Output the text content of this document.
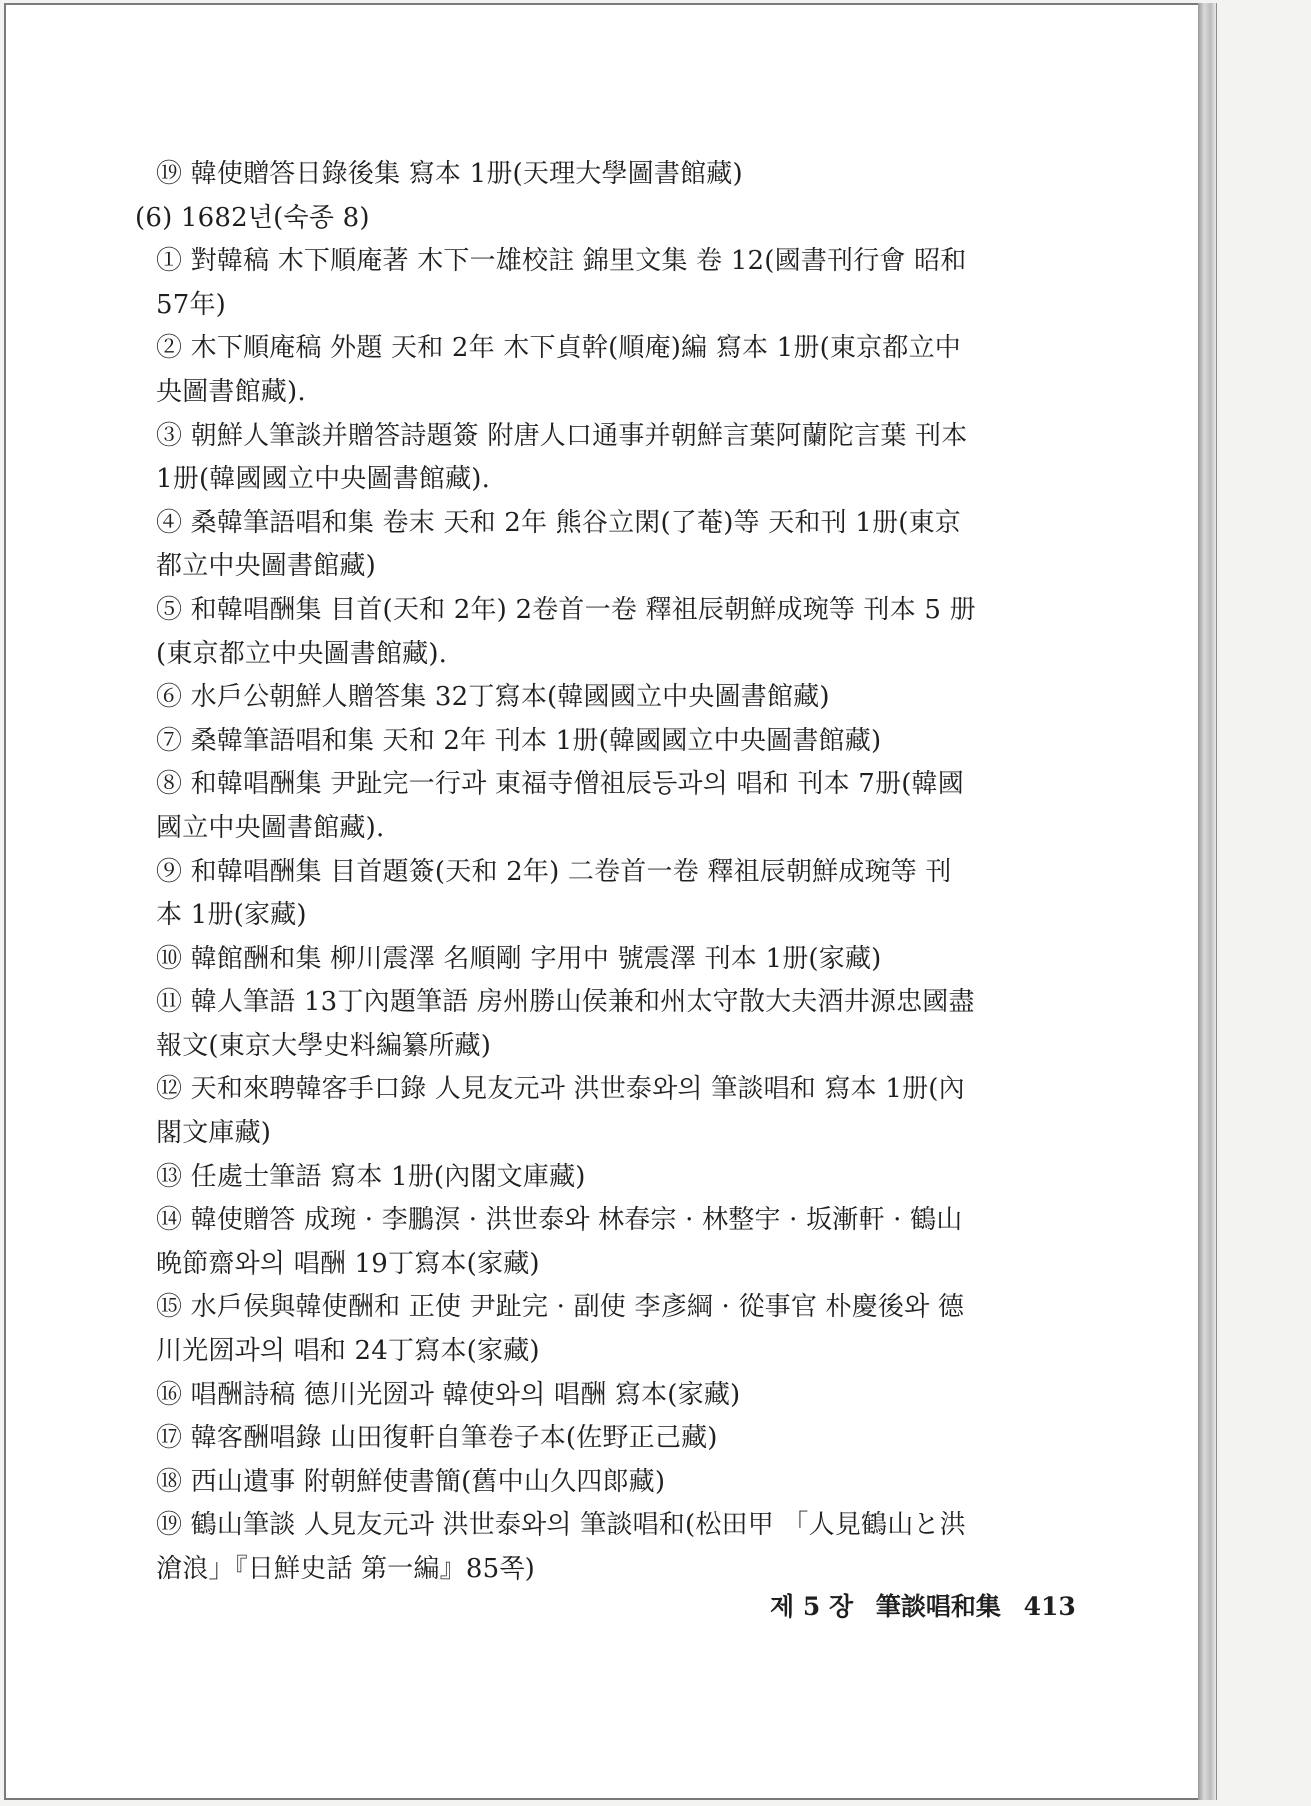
⑲ 韓使贈答日錄後集 寫本 1册(天理大學圖書館藏)
(6) 1682년(숙종 8)
① 對韓稿 木下順庵著 木下一雄校註 錦里文集 卷 12(國書刊行會 昭和
57年)
② 木下順庵稿 外題 天和 2年 木下貞幹(順庵)編 寫本 1册(東京都立中
央圖書館藏).
③ 朝鮮人筆談并贈答詩題簽 附唐人口通事并朝鮮言葉阿蘭陀言葉 刊本
1册(韓國國立中央圖書館藏).
④ 桑韓筆語唱和集 卷末 天和 2年 熊谷立閑(了菴)等 天和刊 1册(東京
都立中央圖書館藏)
⑤ 和韓唱酬集 目首(天和 2年) 2卷首一卷 釋祖辰朝鮮成琬等 刊本 5 册
(東京都立中央圖書館藏).
⑥ 水戶公朝鮮人贈答集 32丁寫本(韓國國立中央圖書館藏)
⑦ 桑韓筆語唱和集 天和 2年 刊本 1册(韓國國立中央圖書館藏)
⑧ 和韓唱酬集 尹趾完一行과 東福寺僧祖辰등과의 唱和 刊本 7册(韓國
國立中央圖書館藏).
⑨ 和韓唱酬集 目首題簽(天和 2年) 二卷首一卷 釋祖辰朝鮮成琬等 刊
本 1册(家藏)
⑩ 韓館酬和集 柳川震澤 名順剛 字用中 號震澤 刊本 1册(家藏)
⑪ 韓人筆語 13丁內題筆語 房州勝山侯兼和州太守散大夫酒井源忠國盡
報文(東京大學史料編纂所藏)
⑫ 天和來聘韓客手口錄 人見友元과 洪世泰와의 筆談唱和 寫本 1册(內
閣文庫藏)
⑬ 任處士筆語 寫本 1册(內閣文庫藏)
⑭ 韓使贈答 成琬 · 李鵬溟 · 洪世泰와 林春宗 · 林整宇 · 坂漸軒 · 鶴山
晩節齋와의 唱酬 19丁寫本(家藏)
⑮ 水戶侯與韓使酬和 正使 尹趾完 · 副使 李彥綱 · 從事官 朴慶後와 德
川光圀과의 唱和 24丁寫本(家藏)
⑯ 唱酬詩稿 德川光圀과 韓使와의 唱酬 寫本(家藏)
⑰ 韓客酬唱錄 山田復軒自筆卷子本(佐野正己藏)
⑱ 西山遺事 附朝鮮使書簡(舊中山久四郞藏)
⑲ 鶴山筆談 人見友元과 洪世泰와의 筆談唱和(松田甲 「人見鶴山と洪
滄浪」『日鮮史話 第一編』85쪽)
제 5 장 筆談唱和集 413
